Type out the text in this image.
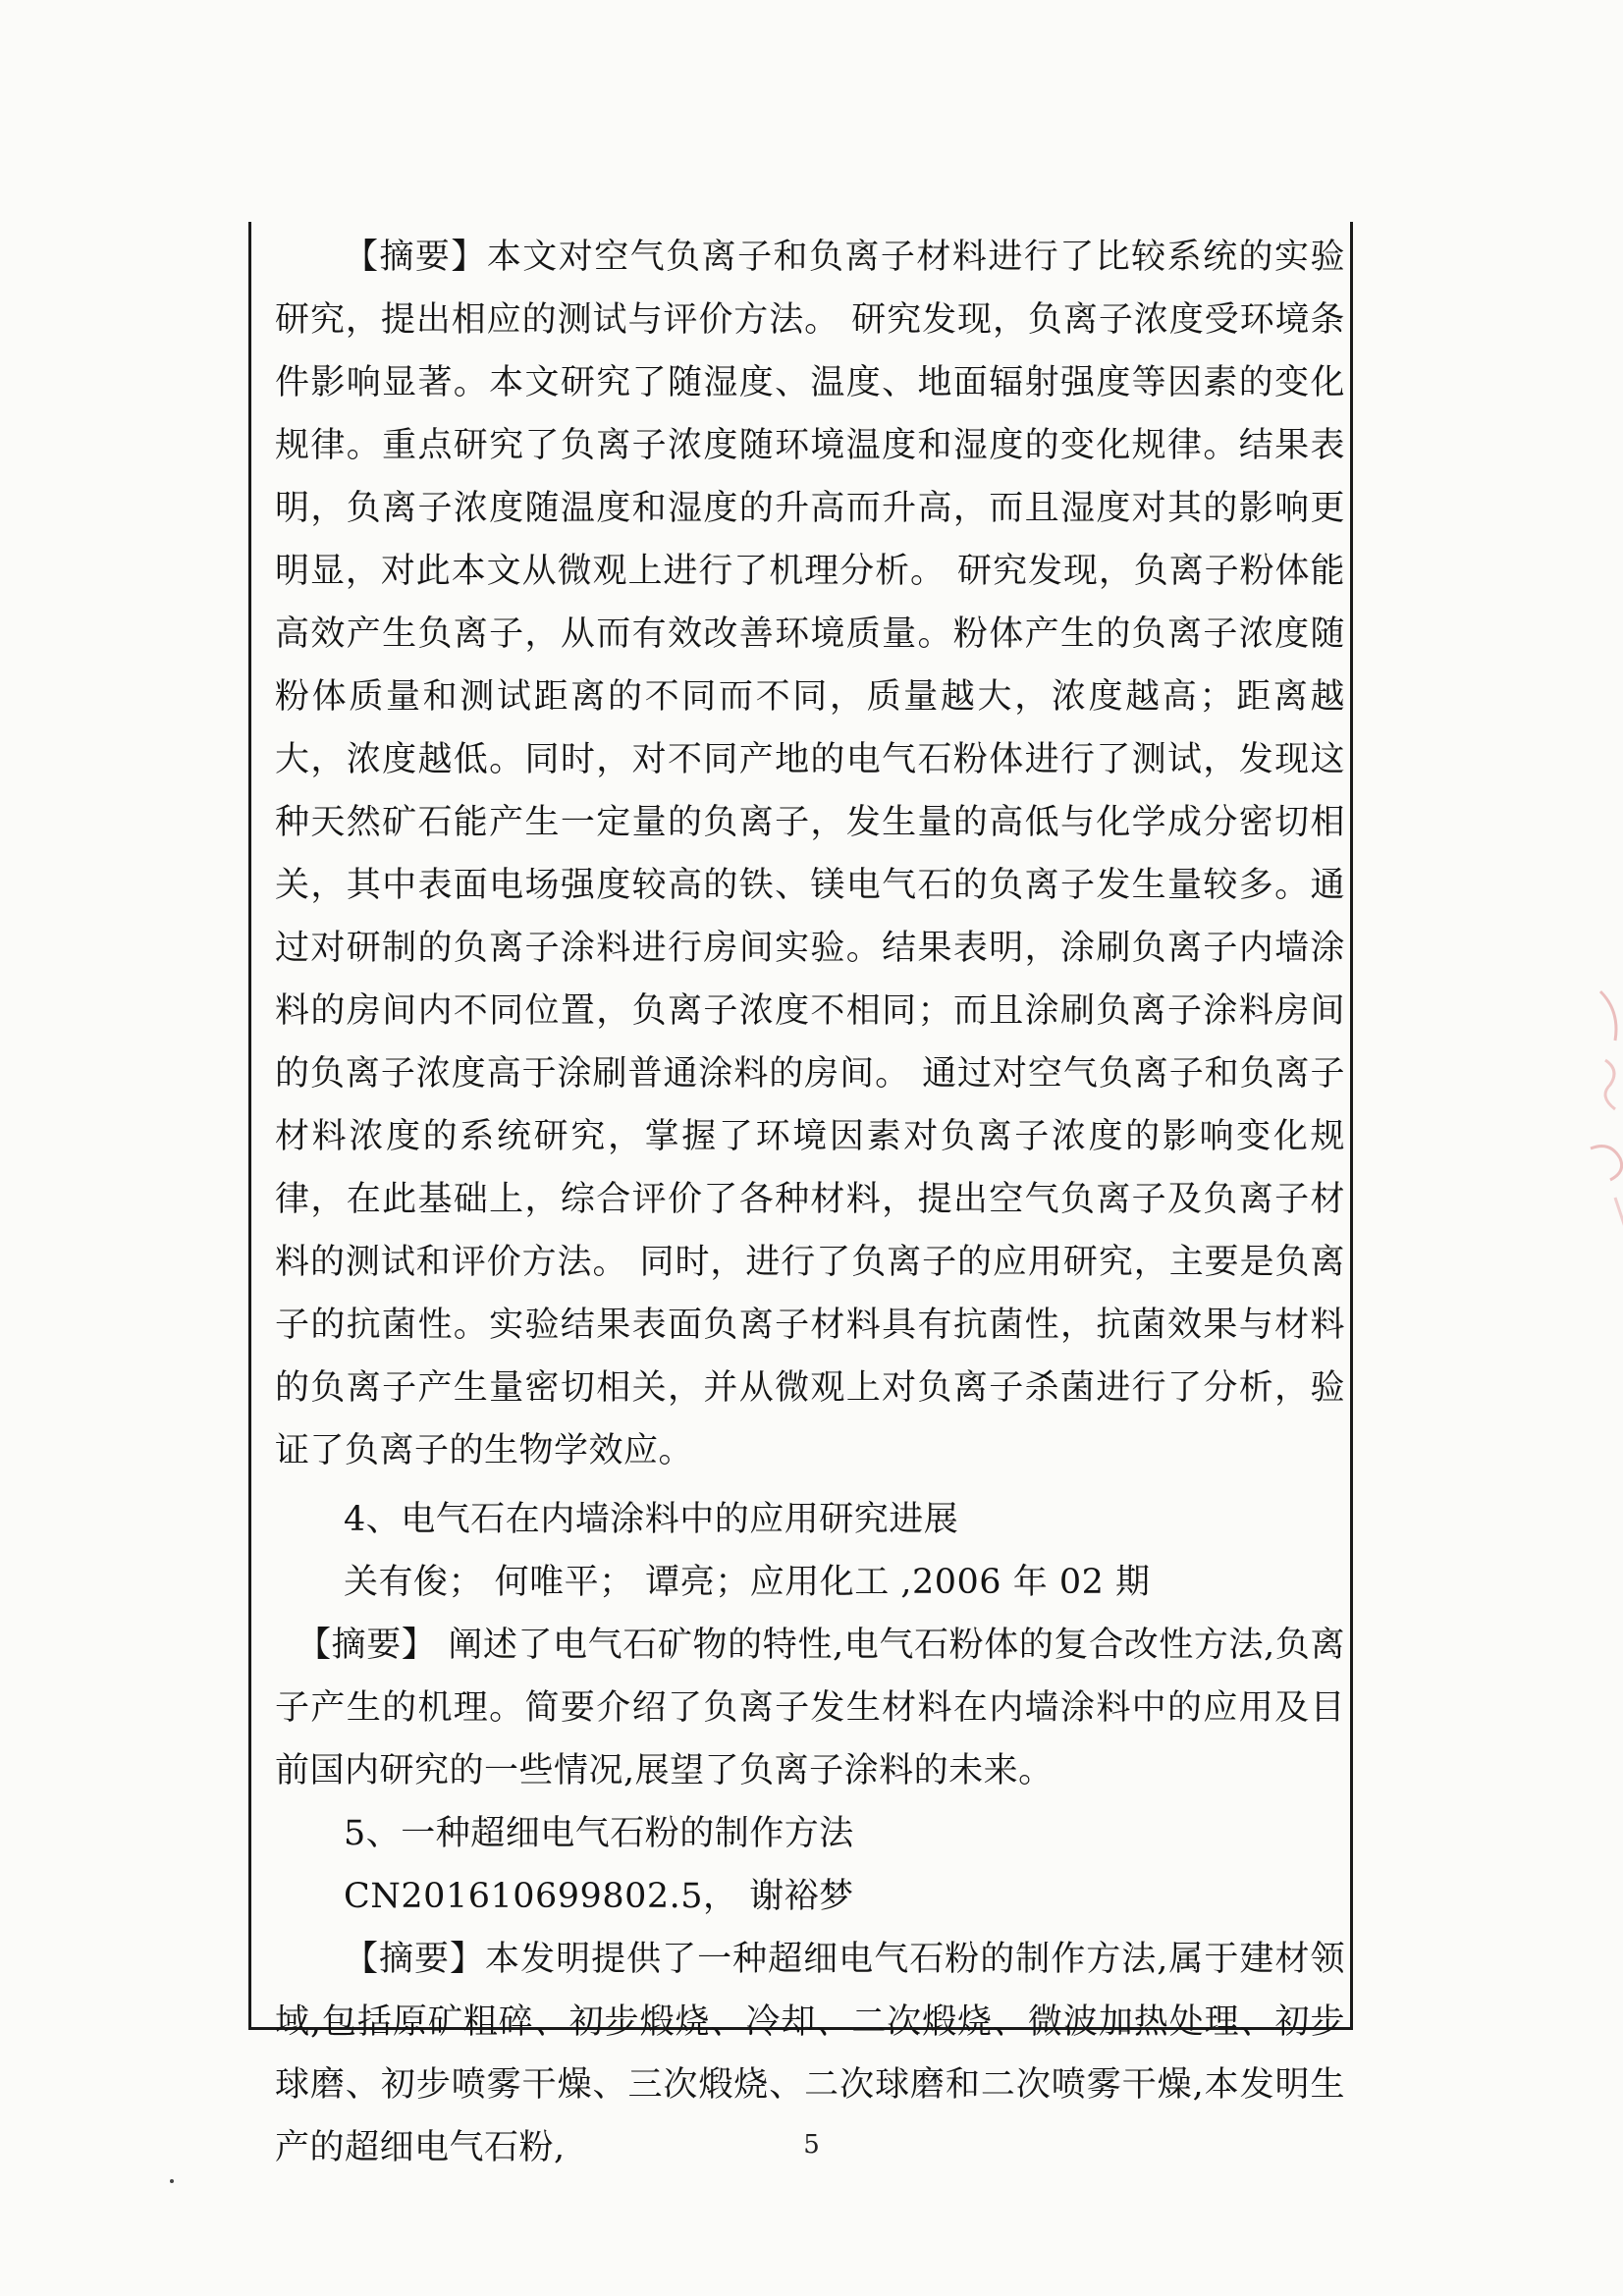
【摘要】本文对空气负离子和负离子材料进行了比较系统的实验研究，提出相应的测试与评价方法。 研究发现，负离子浓度受环境条件影响显著。本文研究了随湿度、温度、地面辐射强度等因素的变化规律。重点研究了负离子浓度随环境温度和湿度的变化规律。结果表明，负离子浓度随温度和湿度的升高而升高，而且湿度对其的影响更明显，对此本文从微观上进行了机理分析。 研究发现，负离子粉体能高效产生负离子，从而有效改善环境质量。粉体产生的负离子浓度随粉体质量和测试距离的不同而不同，质量越大，浓度越高；距离越大，浓度越低。同时，对不同产地的电气石粉体进行了测试，发现这种天然矿石能产生一定量的负离子，发生量的高低与化学成分密切相关，其中表面电场强度较高的铁、镁电气石的负离子发生量较多。通过对研制的负离子涂料进行房间实验。结果表明，涂刷负离子内墙涂料的房间内不同位置，负离子浓度不相同；而且涂刷负离子涂料房间的负离子浓度高于涂刷普通涂料的房间。 通过对空气负离子和负离子材料浓度的系统研究，掌握了环境因素对负离子浓度的影响变化规律，在此基础上，综合评价了各种材料，提出空气负离子及负离子材料的测试和评价方法。 同时，进行了负离子的应用研究，主要是负离子的抗菌性。实验结果表面负离子材料具有抗菌性，抗菌效果与材料的负离子产生量密切相关，并从微观上对负离子杀菌进行了分析，验证了负离子的生物学效应。

4、电气石在内墙涂料中的应用研究进展

关有俊； 何唯平； 谭亮；应用化工 ,2006 年 02 期

【摘要】 阐述了电气石矿物的特性,电气石粉体的复合改性方法,负离子产生的机理。简要介绍了负离子发生材料在内墙涂料中的应用及目前国内研究的一些情况,展望了负离子涂料的未来。

5、一种超细电气石粉的制作方法

CN201610699802.5， 谢裕梦

【摘要】本发明提供了一种超细电气石粉的制作方法,属于建材领域,包括原矿粗碎、初步煅烧、冷却、二次煅烧、微波加热处理、初步球磨、初步喷雾干燥、三次煅烧、二次球磨和二次喷雾干燥,本发明生产的超细电气石粉,	5
